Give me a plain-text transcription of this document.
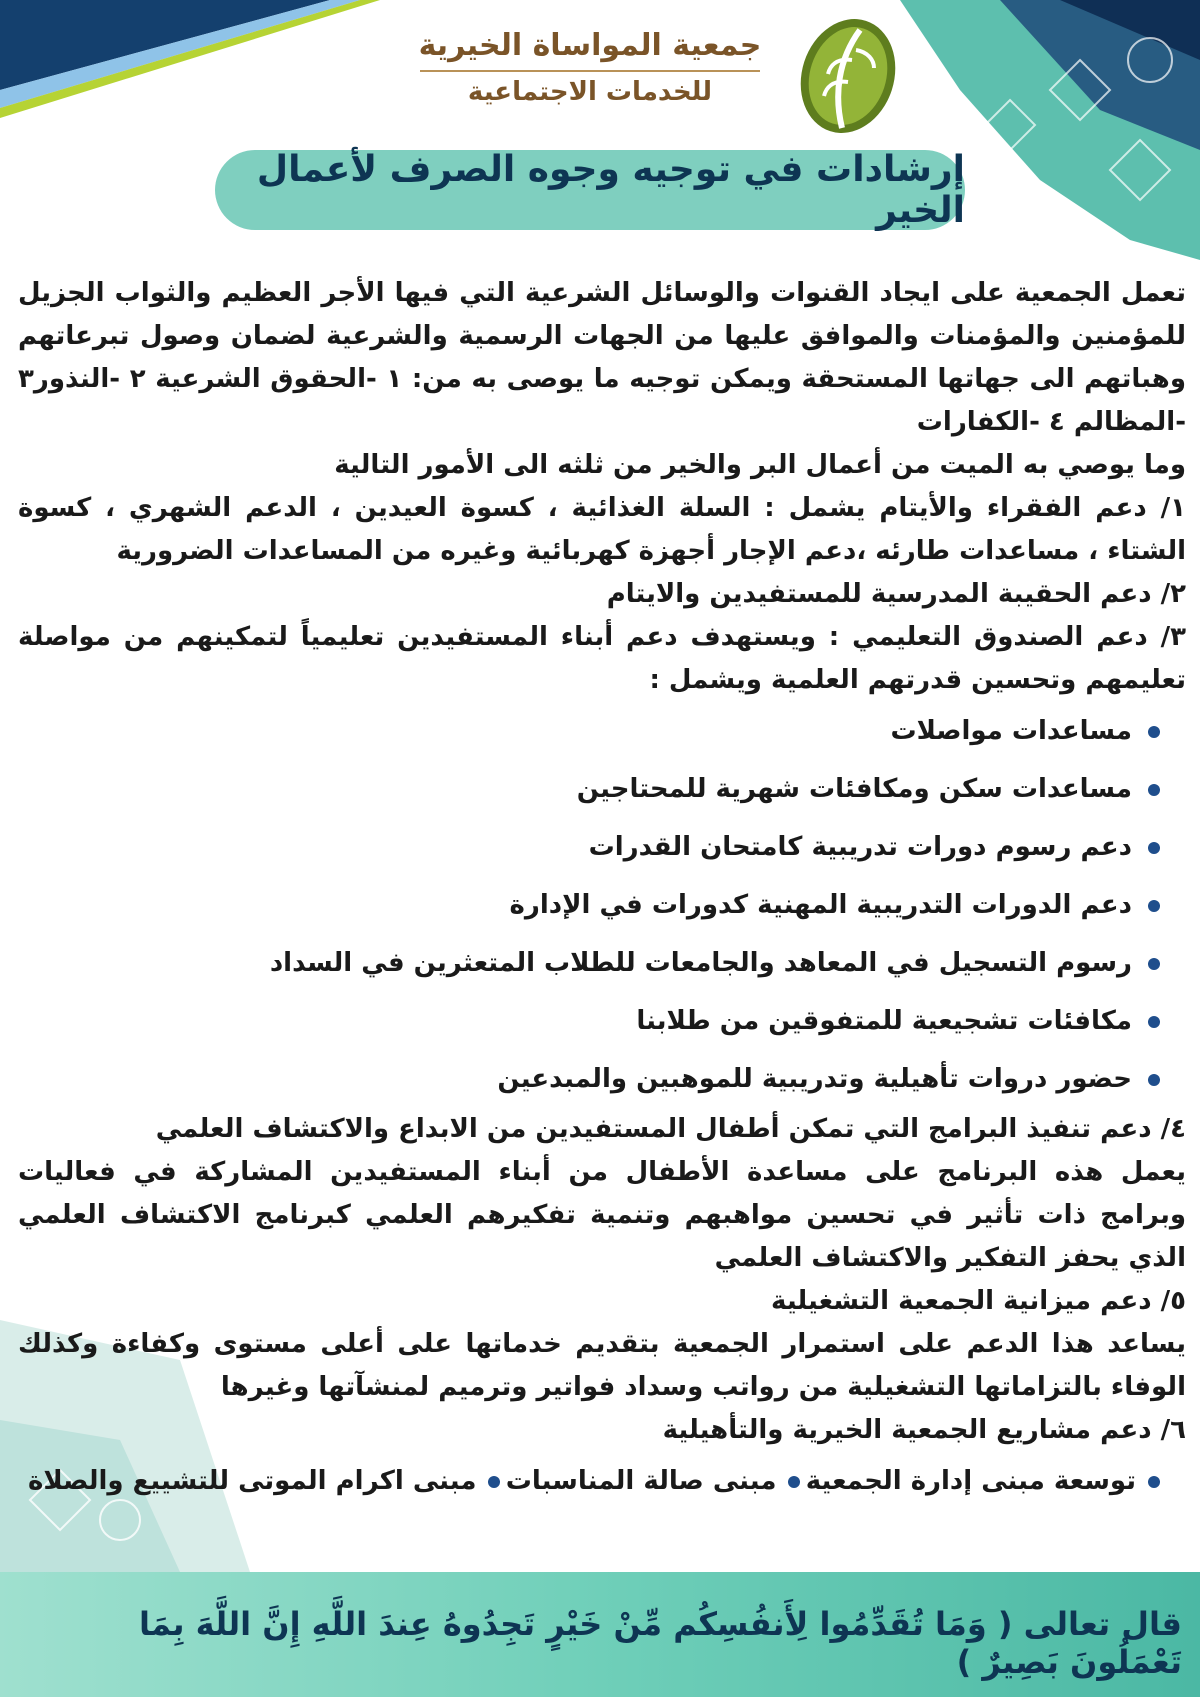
جمعية المواساة الخيرية
للخدمات الاجتماعية
إرشادات في توجيه وجوه الصرف لأعمال الخير

تعمل الجمعية على ايجاد القنوات والوسائل الشرعية التي فيها الأجر العظيم والثواب الجزيل للمؤمنين والمؤمنات والموافق عليها من الجهات الرسمية والشرعية لضمان وصول تبرعاتهم وهباتهم الى جهاتها المستحقة ويمكن توجيه ما يوصى به من: ١ -الحقوق الشرعية ٢ -النذور٣ -المظالم ٤ -الكفارات

وما يوصي به الميت من أعمال البر والخير من ثلثه الى الأمور التالية

١/ دعم الفقراء والأيتام يشمل : السلة الغذائية ، كسوة العيدين ، الدعم الشهري ، كسوة الشتاء ، مساعدات طارئه ،دعم الإجار أجهزة كهربائية وغيره من المساعدات الضرورية

٢/ دعم الحقيبة المدرسية للمستفيدين والايتام

٣/ دعم الصندوق التعليمي : ويستهدف دعم أبناء المستفيدين تعليمياً لتمكينهم من مواصلة تعليمهم وتحسين قدرتهم العلمية ويشمل :

مساعدات مواصلات
مساعدات سكن ومكافئات شهرية للمحتاجين
دعم رسوم دورات تدريبية كامتحان القدرات
دعم الدورات التدريبية المهنية كدورات في الإدارة
رسوم التسجيل في المعاهد والجامعات للطلاب المتعثرين في السداد
مكافئات تشجيعية للمتفوقين من طلابنا
حضور دروات تأهيلية وتدريبية للموهبين والمبدعين

٤/ دعم تنفيذ البرامج التي تمكن أطفال المستفيدين من الابداع والاكتشاف العلمي

يعمل هذه البرنامج على مساعدة الأطفال من أبناء المستفيدين المشاركة في فعاليات وبرامج ذات تأثير في تحسين مواهبهم وتنمية تفكيرهم العلمي كبرنامج الاكتشاف العلمي الذي يحفز التفكير والاكتشاف العلمي

٥/ دعم ميزانية الجمعية التشغيلية

يساعد هذا الدعم على استمرار الجمعية بتقديم خدماتها على أعلى مستوى وكفاءة وكذلك الوفاء بالتزاماتها التشغيلية من رواتب وسداد فواتير وترميم لمنشآتها وغيرها

٦/ دعم مشاريع الجمعية الخيرية والتأهيلية

توسعة مبنى إدارة الجمعية
مبنى صالة المناسبات
مبنى اكرام الموتى للتشييع والصلاة
قال تعالى ( وَمَا تُقَدِّمُوا لِأَنفُسِكُم مِّنْ خَيْرٍ تَجِدُوهُ عِندَ اللَّهِ إِنَّ اللَّهَ بِمَا تَعْمَلُونَ بَصِيرٌ )
